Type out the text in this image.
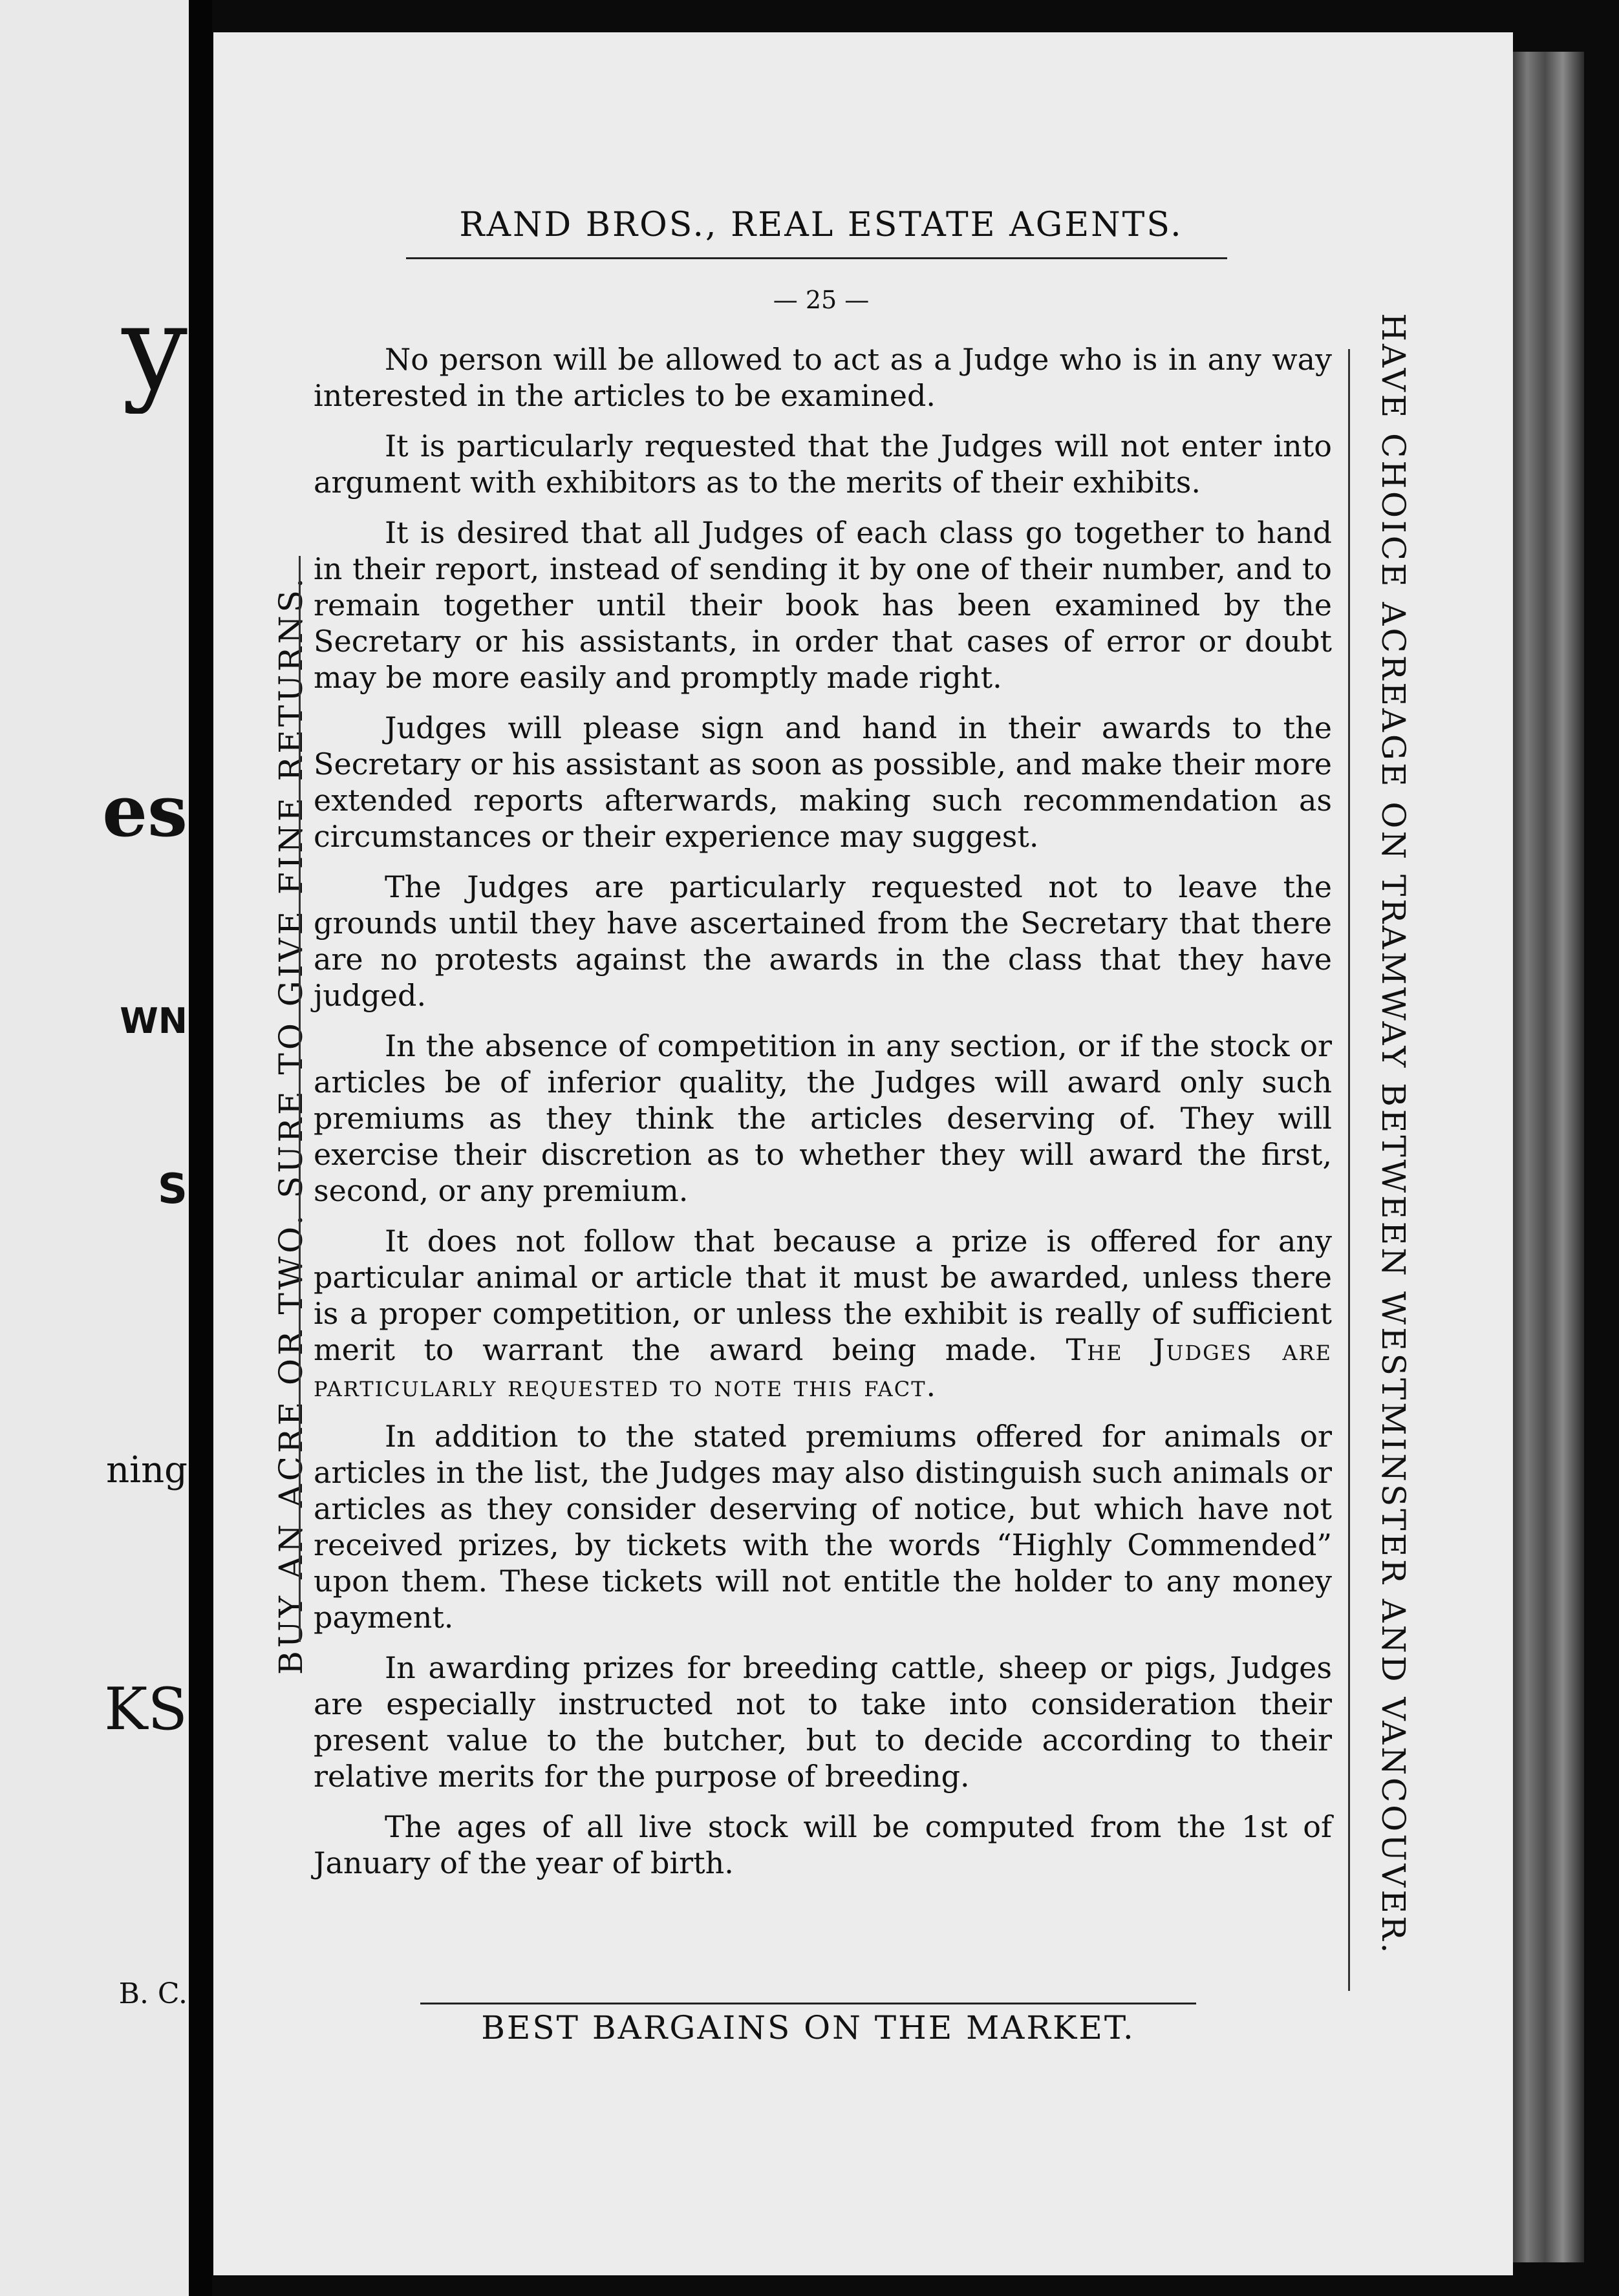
y
es
WN
S
ning
KS
B. C.
RAND BROS., REAL ESTATE AGENTS.
— 25 —
BUY AN ACRE OR TWO. SURE TO GIVE FINE RETURNS.	HAVE CHOICE ACREAGE ON TRAMWAY BETWEEN WESTMINSTER AND VANCOUVER.

No person will be allowed to act as a Judge who is in any way interested in the articles to be examined.

It is particularly requested that the Judges will not enter into argument with exhibitors as to the merits of their exhibits.

It is desired that all Judges of each class go together to hand in their report, instead of sending it by one of their number, and to remain together until their book has been examined by the Secretary or his assistants, in order that cases of error or doubt may be more easily and promptly made right.

Judges will please sign and hand in their awards to the Secretary or his assistant as soon as possible, and make their more extended reports afterwards, making such recommendation as circumstances or their experience may suggest.

The Judges are particularly requested not to leave the grounds until they have ascertained from the Secretary that there are no protests against the awards in the class that they have judged.

In the absence of competition in any section, or if the stock or articles be of inferior quality, the Judges will award only such premiums as they think the articles deserving of. They will exercise their discretion as to whether they will award the first, second, or any premium.

It does not follow that because a prize is offered for any particular animal or article that it must be awarded, unless there is a proper competition, or unless the exhibit is really of sufficient merit to warrant the award being made. The Judges are particularly requested to note this fact.

In addition to the stated premiums offered for animals or articles in the list, the Judges may also distinguish such animals or articles as they consider deserving of notice, but which have not received prizes, by tickets with the words “Highly Commended” upon them. These tickets will not entitle the holder to any money payment.

In awarding prizes for breeding cattle, sheep or pigs, Judges are especially instructed not to take into consideration their present value to the butcher, but to decide according to their relative merits for the purpose of breeding.

The ages of all live stock will be computed from the 1st of January of the year of birth.

BEST BARGAINS ON THE MARKET.
